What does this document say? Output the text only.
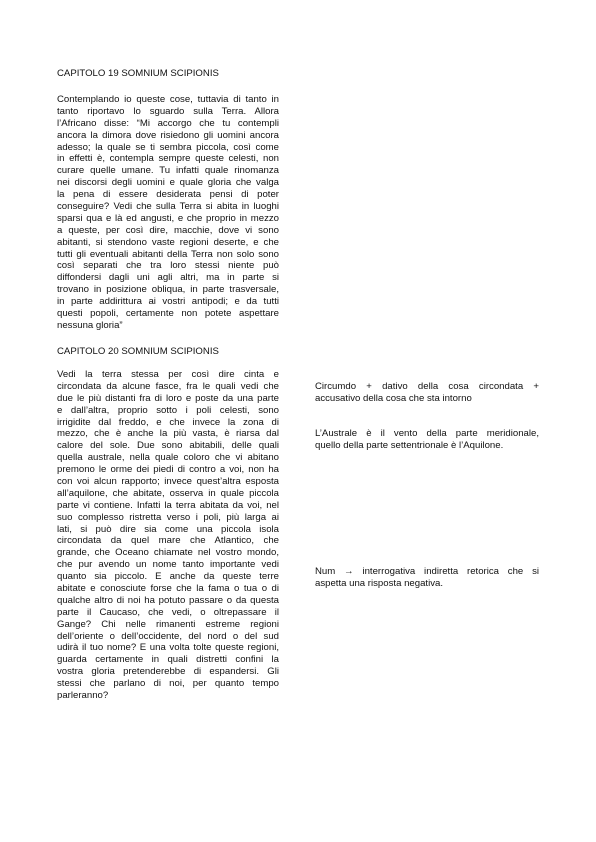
CAPITOLO 19 SOMNIUM SCIPIONIS
Contemplando io queste cose, tuttavia di tanto in
tanto riportavo lo sguardo sulla Terra. Allora
l’Africano disse: “Mi accorgo che tu contempli
ancora la dimora dove risiedono gli uomini ancora
adesso; la quale se ti sembra piccola, così come
in effetti è, contempla sempre queste celesti, non
curare quelle umane. Tu infatti quale rinomanza
nei discorsi degli uomini e quale gloria che valga
la pena di essere desiderata pensi di poter
conseguire? Vedi che sulla Terra si abita in luoghi
sparsi qua e là ed angusti, e che proprio in mezzo
a queste, per così dire, macchie, dove vi sono
abitanti, si stendono vaste regioni deserte, e che
tutti gli eventuali abitanti della Terra non solo sono
così separati che tra loro stessi niente può
diffondersi dagli uni agli altri, ma in parte si
trovano in posizione obliqua, in parte trasversale,
in parte addirittura ai vostri antipodi; e da tutti
questi popoli, certamente non potete aspettare
nessuna gloria”
CAPITOLO 20 SOMNIUM SCIPIONIS
Vedi la terra stessa per così dire cinta e
circondata da alcune fasce, fra le quali vedi che
due le più distanti fra di loro e poste da una parte
e dall’altra, proprio sotto i poli celesti, sono
irrigidite dal freddo, e che invece la zona di
mezzo, che è anche la più vasta, è riarsa dal
calore del sole. Due sono abitabili, delle quali
quella australe, nella quale coloro che vi abitano
premono le orme dei piedi di contro a voi, non ha
con voi alcun rapporto; invece quest’altra esposta
all’aquilone, che abitate, osserva in quale piccola
parte vi contiene. Infatti la terra abitata da voi, nel
suo complesso ristretta verso i poli, più larga ai
lati, si può dire sia come una piccola isola
circondata da quel mare che Atlantico, che
grande, che Oceano chiamate nel vostro mondo,
che pur avendo un nome tanto importante vedi
quanto sia piccolo. E anche da queste terre
abitate e conosciute forse che la fama o tua o di
qualche altro di noi ha potuto passare o da questa
parte il Caucaso, che vedi, o oltrepassare il
Gange? Chi nelle rimanenti estreme regioni
dell’oriente o dell’occidente, del nord o del sud
udirà il tuo nome? E una volta tolte queste regioni,
guarda certamente in quali distretti confini la
vostra gloria pretenderebbe di espandersi. Gli
stessi che parlano di noi, per quanto tempo
parleranno?
Circumdo + dativo della cosa circondata +
accusativo della cosa che sta intorno
L’Australe è il vento della parte meridionale,
quello della parte settentrionale è l’Aquilone.
Num → interrogativa indiretta retorica che si
aspetta una risposta negativa.
